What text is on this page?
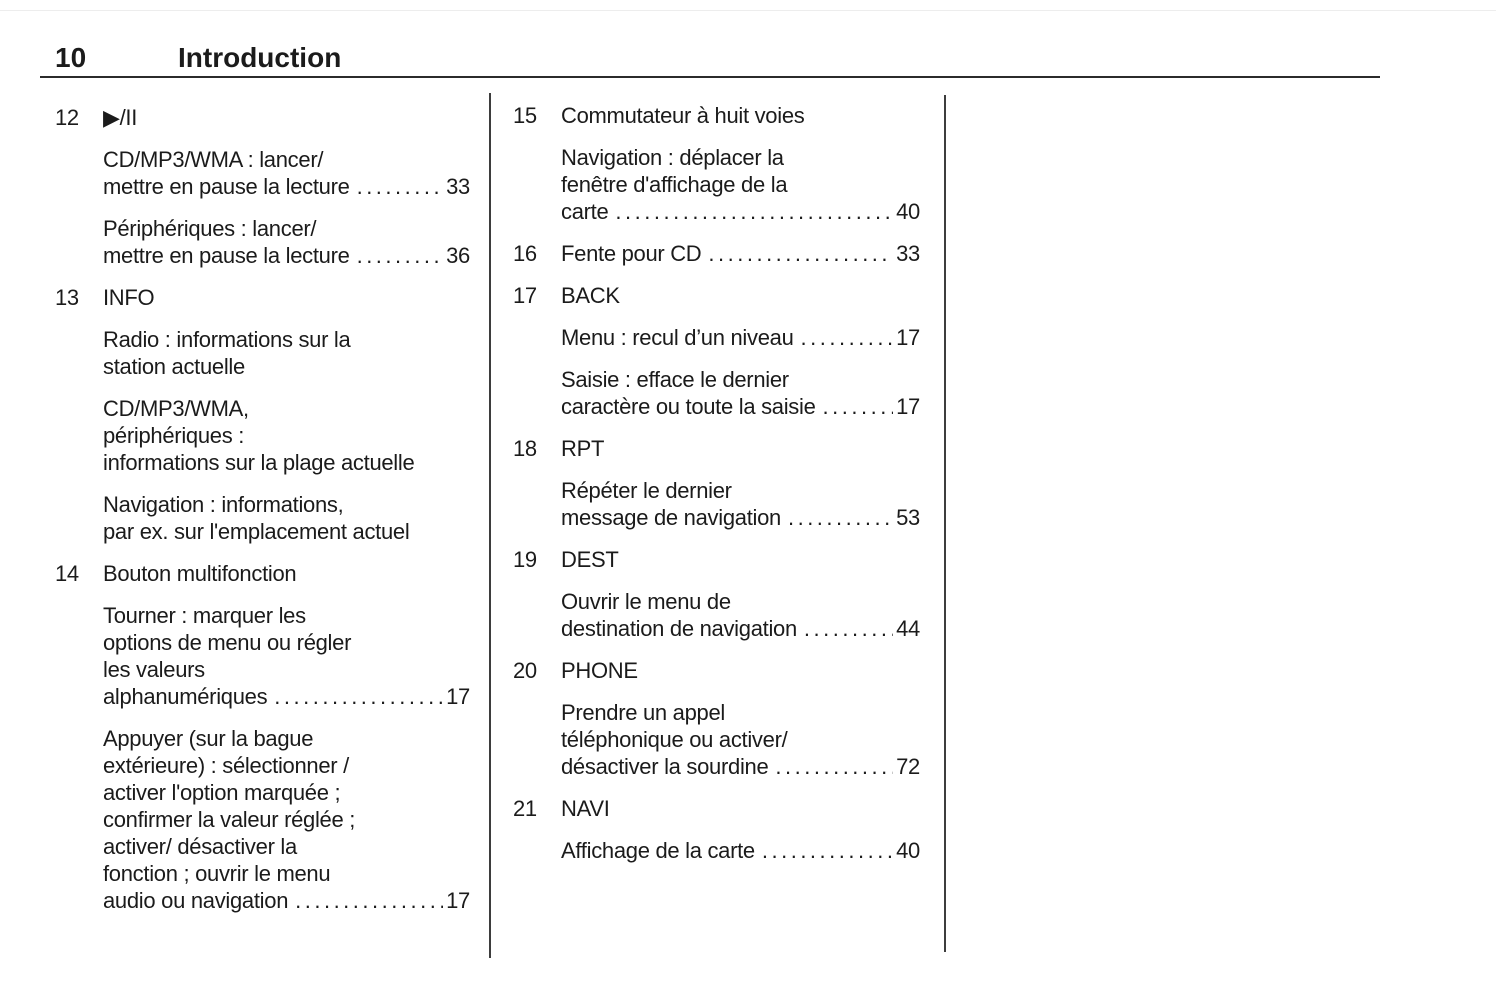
10	Introduction
12	▶/II
CD/MP3/WMA : lancer/
mettre en pause la lecture .....	33
Périphériques : lancer/
mettre en pause la lecture .....	36
13	INFO
Radio : informations sur la
station actuelle
CD/MP3/WMA,
périphériques :
informations sur la plage actuelle
Navigation : informations,
par ex. sur l'emplacement actuel
14	Bouton multifonction
Tourner : marquer les
options de menu ou régler
les valeurs
alphanumériques .....	17
Appuyer (sur la bague
extérieure) : sélectionner /
activer l'option marquée ;
confirmer la valeur réglée ;
activer/ désactiver la
fonction ; ouvrir le menu
audio ou navigation .....	17
15	Commutateur à huit voies
Navigation : déplacer la
fenêtre d'affichage de la
carte .....	40
16	Fente pour CD .....	33
17	BACK
Menu : recul d’un niveau .....	17
Saisie : efface le dernier
caractère ou toute la saisie .....	17
18	RPT
Répéter le dernier
message de navigation .....	53
19	DEST
Ouvrir le menu de
destination de navigation .....	44
20	PHONE
Prendre un appel
téléphonique ou activer/
désactiver la sourdine .....	72
21	NAVI
Affichage de la carte .....	40
